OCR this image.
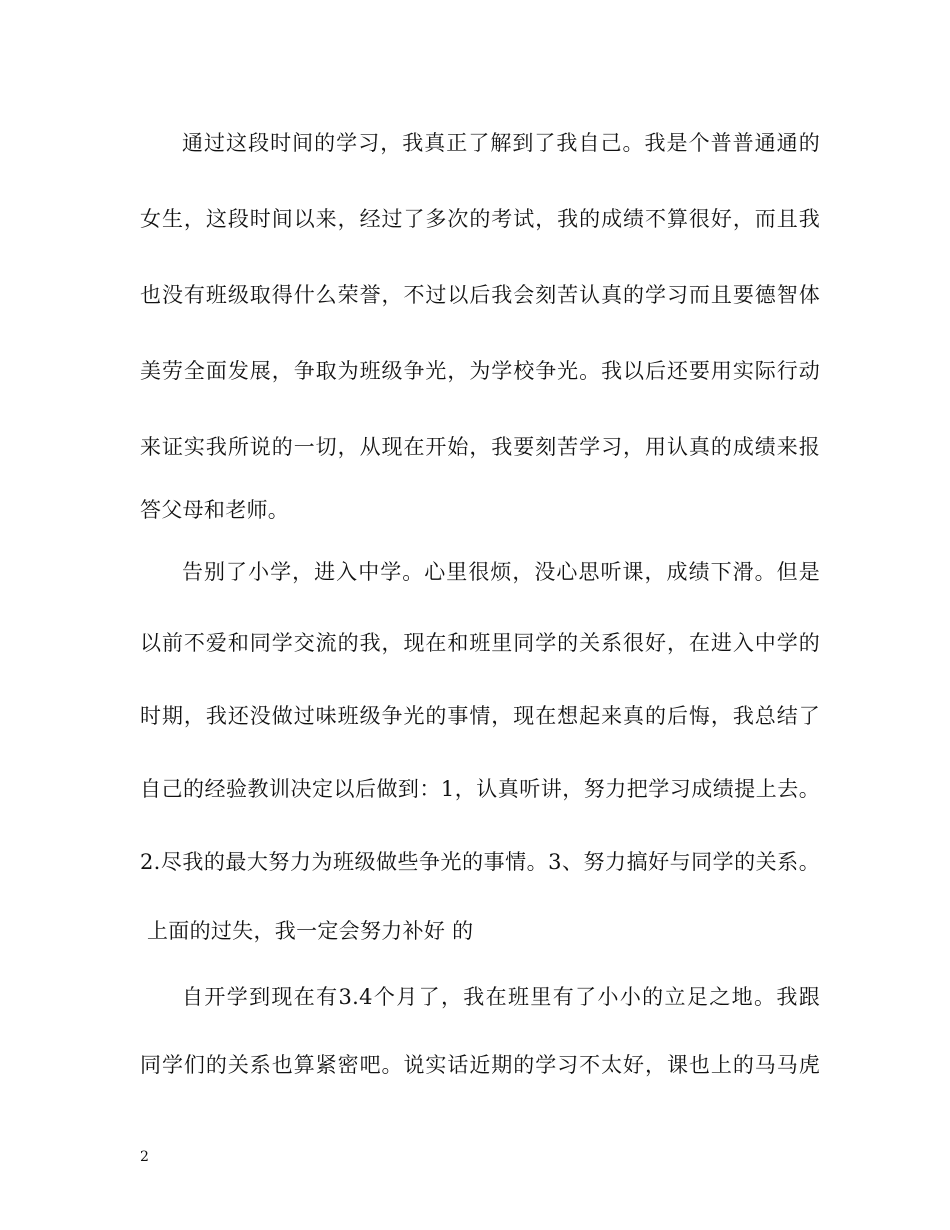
通过这段时间的学习，我真正了解到了我自己。我是个普普通通的
女生，这段时间以来，经过了多次的考试，我的成绩不算很好，而且我
也没有班级取得什么荣誉，不过以后我会刻苦认真的学习而且要德智体
美劳全面发展，争取为班级争光，为学校争光。我以后还要用实际行动
来证实我所说的一切，从现在开始，我要刻苦学习，用认真的成绩来报
答父母和老师。
告别了小学，进入中学。心里很烦，没心思听课，成绩下滑。但是
以前不爱和同学交流的我，现在和班里同学的关系很好，在进入中学的
时期，我还没做过味班级争光的事情，现在想起来真的后悔，我总结了
自己的经验教训决定以后做到：1，认真听讲，努力把学习成绩提上去。
2.尽我的最大努力为班级做些争光的事情。3、努力搞好与同学的关系。
上面的过失，我一定会努力补好 的
自开学到现在有3.4个月了，我在班里有了小小的立足之地。我跟
同学们的关系也算紧密吧。说实话近期的学习不太好，课也上的马马虎
2
